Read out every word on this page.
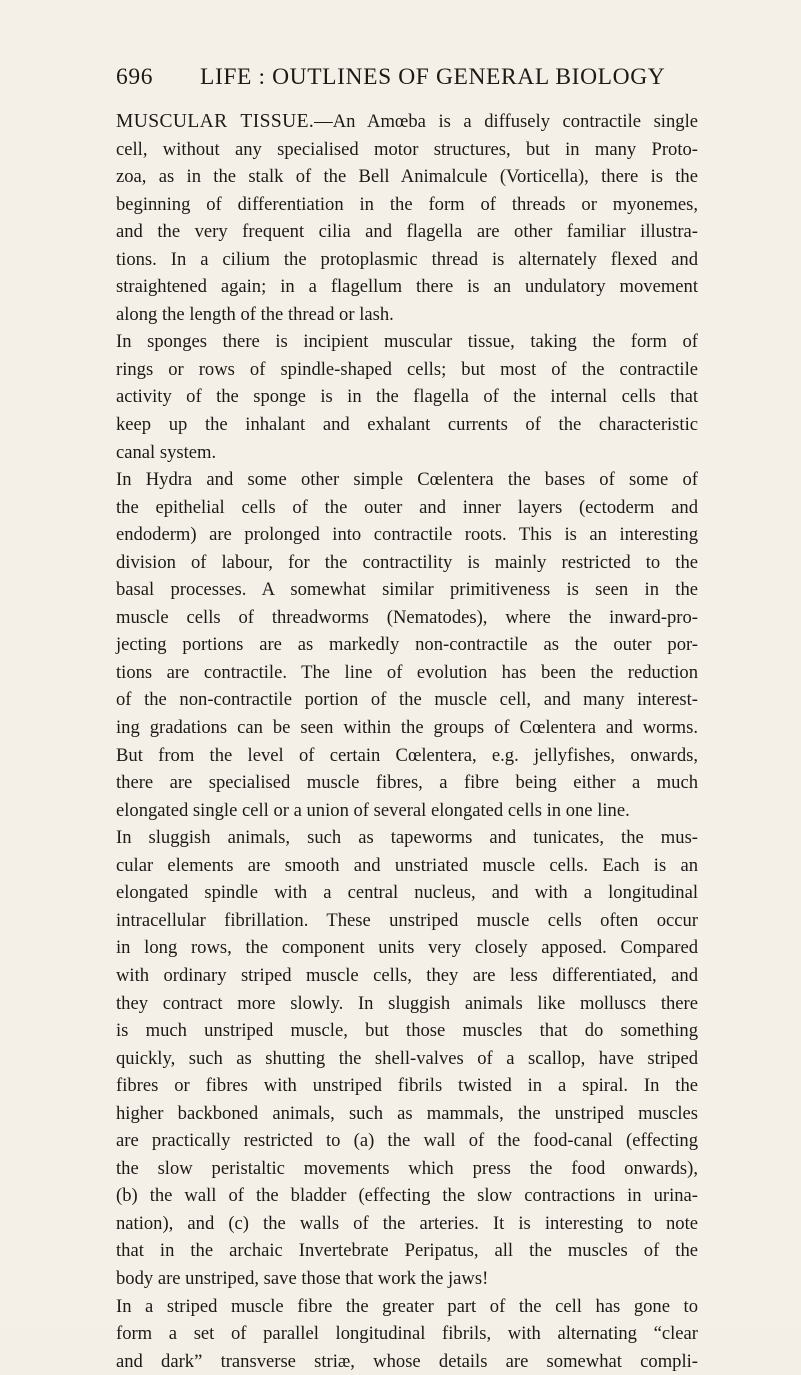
696 LIFE : OUTLINES OF GENERAL BIOLOGY
MUSCULAR TISSUE.—An Amœba is a diffusely contractile single
cell, without any specialised motor structures, but in many Proto-
zoa, as in the stalk of the Bell Animalcule (Vorticella), there is the
beginning of differentiation in the form of threads or myonemes,
and the very frequent cilia and flagella are other familiar illustra-
tions. In a cilium the protoplasmic thread is alternately flexed and
straightened again; in a flagellum there is an undulatory movement
along the length of the thread or lash.
In sponges there is incipient muscular tissue, taking the form of
rings or rows of spindle-shaped cells; but most of the contractile
activity of the sponge is in the flagella of the internal cells that
keep up the inhalant and exhalant currents of the characteristic
canal system.
In Hydra and some other simple Cœlentera the bases of some of
the epithelial cells of the outer and inner layers (ectoderm and
endoderm) are prolonged into contractile roots. This is an interesting
division of labour, for the contractility is mainly restricted to the
basal processes. A somewhat similar primitiveness is seen in the
muscle cells of threadworms (Nematodes), where the inward-pro-
jecting portions are as markedly non-contractile as the outer por-
tions are contractile. The line of evolution has been the reduction
of the non-contractile portion of the muscle cell, and many interest-
ing gradations can be seen within the groups of Cœlentera and worms.
But from the level of certain Cœlentera, e.g. jellyfishes, onwards,
there are specialised muscle fibres, a fibre being either a much
elongated single cell or a union of several elongated cells in one line.
In sluggish animals, such as tapeworms and tunicates, the mus-
cular elements are smooth and unstriated muscle cells. Each is an
elongated spindle with a central nucleus, and with a longitudinal
intracellular fibrillation. These unstriped muscle cells often occur
in long rows, the component units very closely apposed. Compared
with ordinary striped muscle cells, they are less differentiated, and
they contract more slowly. In sluggish animals like molluscs there
is much unstriped muscle, but those muscles that do something
quickly, such as shutting the shell-valves of a scallop, have striped
fibres or fibres with unstriped fibrils twisted in a spiral. In the
higher backboned animals, such as mammals, the unstriped muscles
are practically restricted to (a) the wall of the food-canal (effecting
the slow peristaltic movements which press the food onwards),
(b) the wall of the bladder (effecting the slow contractions in urina-
nation), and (c) the walls of the arteries. It is interesting to note
that in the archaic Invertebrate Peripatus, all the muscles of the
body are unstriped, save those that work the jaws!
In a striped muscle fibre the greater part of the cell has gone to
form a set of parallel longitudinal fibrils, with alternating “clear
and dark” transverse striæ, whose details are somewhat compli-
